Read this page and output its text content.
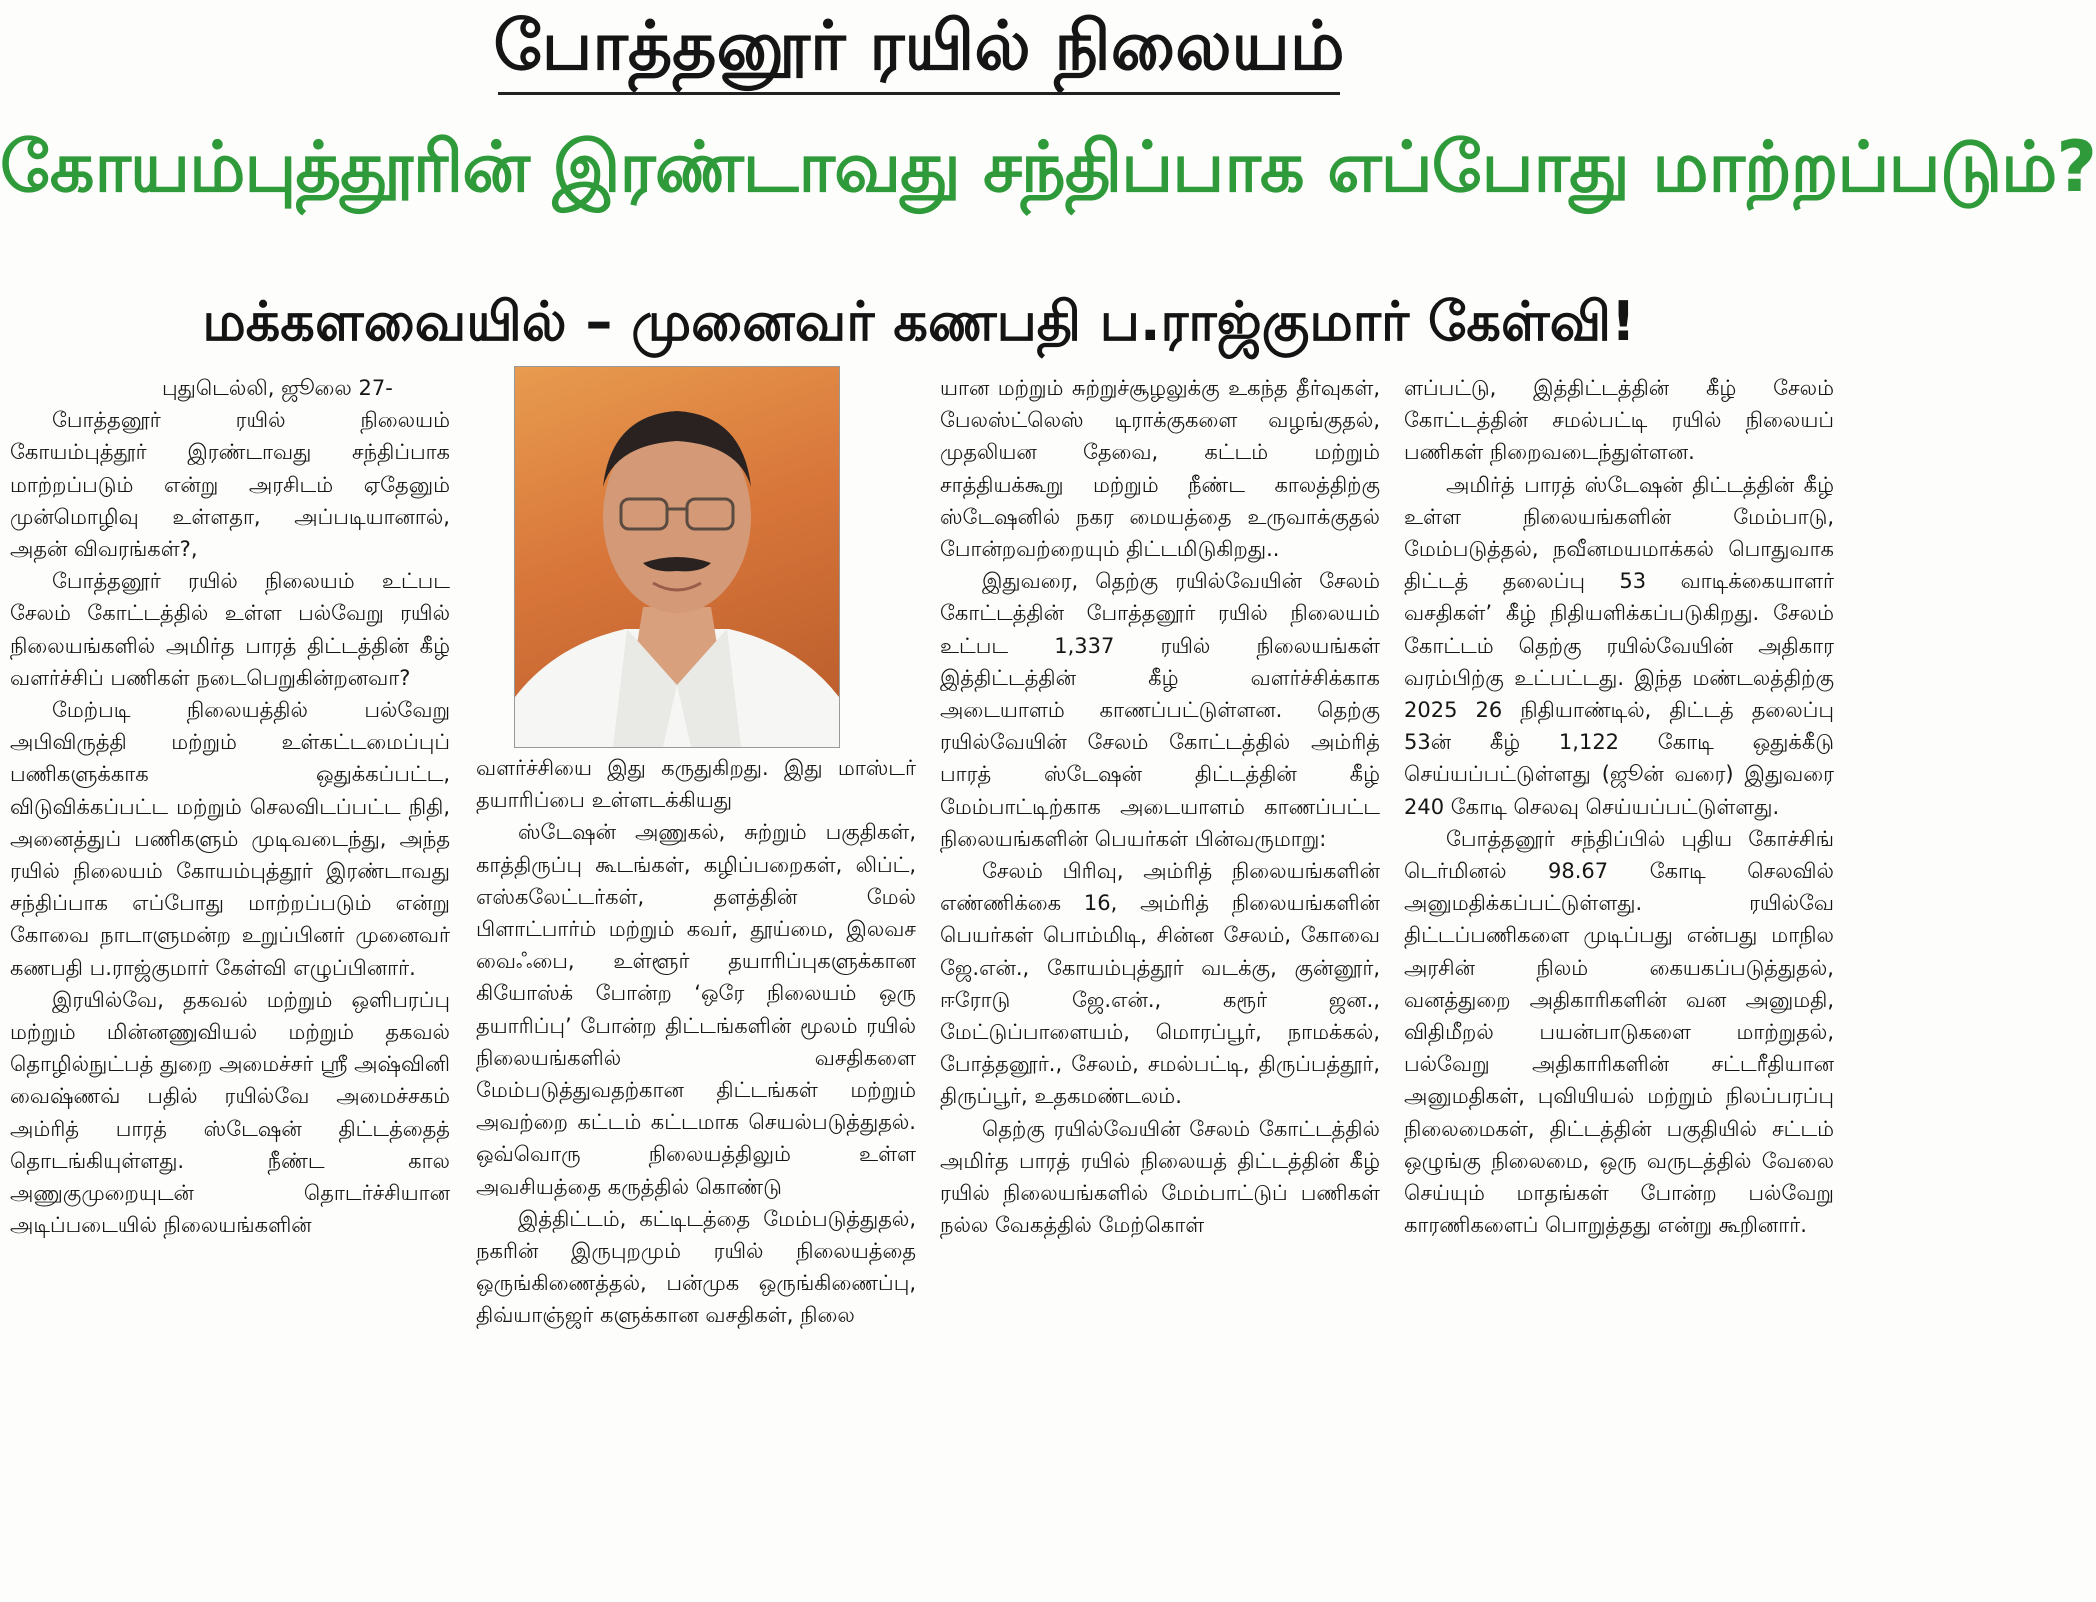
போத்தனூர் ரயில் நிலையம்
கோயம்புத்தூரின் இரண்டாவது சந்திப்பாக எப்போது மாற்றப்படும்?
மக்களவையில் – முனைவர் கணபதி ப.ராஜ்குமார் கேள்வி!

புதுடெல்லி, ஜூலை 27-

போத்தனூர் ரயில் நிலையம் கோயம்புத்தூர் இரண்டாவது சந்திப்பாக மாற்றப்படும் என்று அரசிடம் ஏதேனும் முன்மொழிவு உள்ளதா, அப்படியானால், அதன் விவரங்கள்?,

போத்தனூர் ரயில் நிலையம் உட்பட சேலம் கோட்டத்தில் உள்ள பல்வேறு ரயில் நிலையங்களில் அமிர்த பாரத் திட்டத்தின் கீழ் வளர்ச்சிப் பணிகள் நடைபெறுகின்றனவா?

மேற்படி நிலையத்தில் பல்வேறு அபிவிருத்தி மற்றும் உள்கட்டமைப்புப் பணிகளுக்காக ஒதுக்கப்பட்ட, விடுவிக்கப்பட்ட மற்றும் செலவிடப்பட்ட நிதி, அனைத்துப் பணிகளும் முடிவடைந்து, அந்த ரயில் நிலையம் கோயம்புத்தூர் இரண்டாவது சந்திப்பாக எப்போது மாற்றப்படும் என்று கோவை நாடாளுமன்ற உறுப்பினர் முனைவர் கணபதி ப.ராஜ்குமார் கேள்வி எழுப்பினார்.

இரயில்வே, தகவல் மற்றும் ஒளிபரப்பு மற்றும் மின்னணுவியல் மற்றும் தகவல் தொழில்நுட்பத் துறை அமைச்சர் ஸ்ரீ அஷ்வினி வைஷ்ணவ் பதில் ரயில்வே அமைச்சகம் அம்ரித் பாரத் ஸ்டேஷன் திட்டத்தைத் தொடங்கியுள்ளது. நீண்ட கால அணுகுமுறையுடன் தொடர்ச்சியான அடிப்படையில் நிலையங்களின்

வளர்ச்சியை இது கருதுகிறது. இது மாஸ்டர் தயாரிப்பை உள்ளடக்கியது

ஸ்டேஷன் அணுகல், சுற்றும் பகுதிகள், காத்திருப்பு கூடங்கள், கழிப்பறைகள், லிப்ட், எஸ்கலேட்டர்கள், தளத்தின் மேல் பிளாட்பார்ம் மற்றும் கவர், தூய்மை, இலவச வைஃபை, உள்ளூர் தயாரிப்புகளுக்கான கியோஸ்க் போன்ற ‘ஒரே நிலையம் ஒரு தயாரிப்பு’ போன்ற திட்டங்களின் மூலம் ரயில் நிலையங்களில் வசதிகளை மேம்படுத்துவதற்கான திட்டங்கள் மற்றும் அவற்றை கட்டம் கட்டமாக செயல்படுத்துதல். ஒவ்வொரு நிலையத்திலும் உள்ள அவசியத்தை கருத்தில் கொண்டு

இத்திட்டம், கட்டிடத்தை மேம்படுத்துதல், நகரின் இருபுறமும் ரயில் நிலையத்தை ஒருங்கிணைத்தல், பன்முக ஒருங்கிணைப்பு, திவ்யாஞ்ஜர் களுக்கான வசதிகள், நிலை

யான மற்றும் சுற்றுச்சூழலுக்கு உகந்த தீர்வுகள், பேலஸ்ட்லெஸ் டிராக்குகளை வழங்குதல், முதலியன தேவை, கட்டம் மற்றும் சாத்தியக்கூறு மற்றும் நீண்ட காலத்திற்கு ஸ்டேஷனில் நகர மையத்தை உருவாக்குதல் போன்றவற்றையும் திட்டமிடுகிறது..

இதுவரை, தெற்கு ரயில்வேயின் சேலம் கோட்டத்தின் போத்தனூர் ரயில் நிலையம் உட்பட 1,337 ரயில் நிலையங்கள் இத்திட்டத்தின் கீழ் வளர்ச்சிக்காக அடையாளம் காணப்பட்டுள்ளன. தெற்கு ரயில்வேயின் சேலம் கோட்டத்தில் அம்ரித் பாரத் ஸ்டேஷன் திட்டத்தின் கீழ் மேம்பாட்டிற்காக அடையாளம் காணப்பட்ட நிலையங்களின் பெயர்கள் பின்வருமாறு:

சேலம் பிரிவு, அம்ரித் நிலையங்களின் எண்ணிக்கை 16, அம்ரித் நிலையங்களின் பெயர்கள் பொம்மிடி, சின்ன சேலம், கோவை ஜே.என்., கோயம்புத்தூர் வடக்கு, குன்னூர், ஈரோடு ஜே.என்., கரூர் ஜன., மேட்டுப்பாளையம், மொரப்பூர், நாமக்கல், போத்தனூர்., சேலம், சமல்பட்டி, திருப்பத்தூர், திருப்பூர், உதகமண்டலம்.

தெற்கு ரயில்வேயின் சேலம் கோட்டத்தில் அமிர்த பாரத் ரயில் நிலையத் திட்டத்தின் கீழ் ரயில் நிலையங்களில் மேம்பாட்டுப் பணிகள் நல்ல வேகத்தில் மேற்கொள்

ளப்பட்டு, இத்திட்டத்தின் கீழ் சேலம் கோட்டத்தின் சமல்பட்டி ரயில் நிலையப் பணிகள் நிறைவடைந்துள்ளன.

அமிர்த் பாரத் ஸ்டேஷன் திட்டத்தின் கீழ் உள்ள நிலையங்களின் மேம்பாடு, மேம்படுத்தல், நவீனமயமாக்கல் பொதுவாக திட்டத் தலைப்பு 53 வாடிக்கையாளர் வசதிகள்’ கீழ் நிதியளிக்கப்படுகிறது. சேலம் கோட்டம் தெற்கு ரயில்வேயின் அதிகார வரம்பிற்கு உட்பட்டது. இந்த மண்டலத்திற்கு 2025 26 நிதியாண்டில், திட்டத் தலைப்பு 53ன் கீழ் 1,122 கோடி ஒதுக்கீடு செய்யப்பட்டுள்ளது (ஜூன் வரை) இதுவரை 240 கோடி செலவு செய்யப்பட்டுள்ளது.

போத்தனூர் சந்திப்பில் புதிய கோச்சிங் டெர்மினல் 98.67 கோடி செலவில் அனுமதிக்கப்பட்டுள்ளது. ரயில்வே திட்டப்பணிகளை முடிப்பது என்பது மாநில அரசின் நிலம் கையகப்படுத்துதல், வனத்துறை அதிகாரிகளின் வன அனுமதி, விதிமீறல் பயன்பாடுகளை மாற்றுதல், பல்வேறு அதிகாரிகளின் சட்டரீதியான அனுமதிகள், புவியியல் மற்றும் நிலப்பரப்பு நிலைமைகள், திட்டத்தின் பகுதியில் சட்டம் ஒழுங்கு நிலைமை, ஒரு வருடத்தில் வேலை செய்யும் மாதங்கள் போன்ற பல்வேறு காரணிகளைப் பொறுத்தது என்று கூறினார்.
